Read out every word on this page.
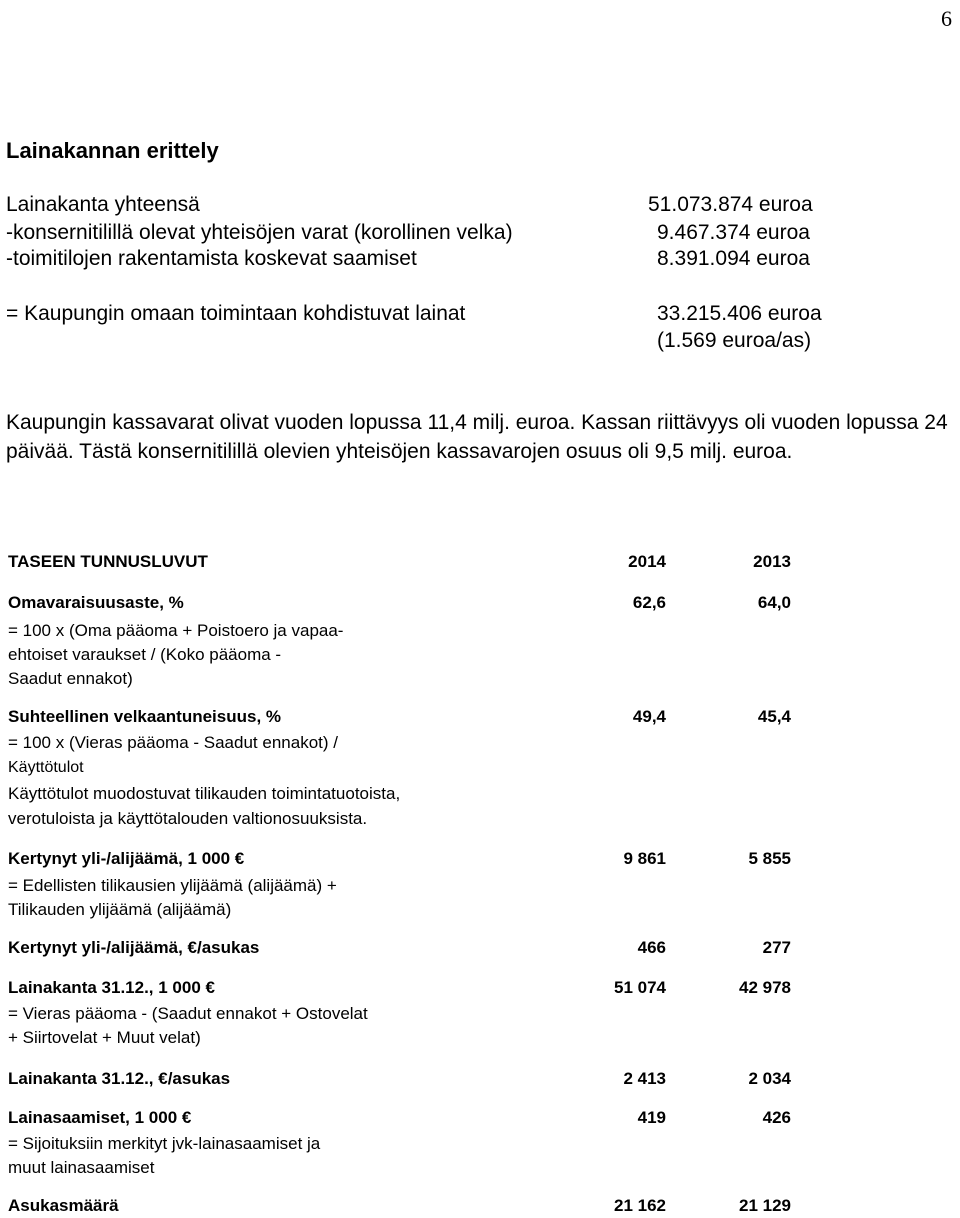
6
Lainakannan erittely
Lainakanta yhteensä	51.073.874 euroa
-konsernitilillä olevat yhteisöjen varat (korollinen velka)	9.467.374 euroa
-toimitilojen rakentamista koskevat saamiset	8.391.094 euroa
= Kaupungin omaan toimintaan kohdistuvat lainat	33.215.406 euroa
(1.569 euroa/as)
Kaupungin kassavarat olivat vuoden lopussa 11,4 milj. euroa. Kassan riittävyys oli vuoden lopussa 24 päivää. Tästä konsernitilillä olevien yhteisöjen kassavarojen osuus oli 9,5 milj. euroa.
TASEEN TUNNUSLUVUT	2014	2013
Omavaraisuusaste, %	62,6	64,0
= 100 x (Oma pääoma + Poistoero ja vapaa-
ehtoiset varaukset / (Koko pääoma -
Saadut ennakot)
Suhteellinen velkaantuneisuus, %	49,4	45,4
= 100 x (Vieras pääoma - Saadut ennakot) /
Käyttötulot
Käyttötulot muodostuvat tilikauden toimintatuotoista,
verotuloista ja käyttötalouden valtionosuuksista.
Kertynyt yli-/alijäämä, 1 000 €	9 861	5 855
= Edellisten tilikausien ylijäämä (alijäämä) +
Tilikauden ylijäämä (alijäämä)
Kertynyt yli-/alijäämä, €/asukas	466	277
Lainakanta 31.12., 1 000 €	51 074	42 978
= Vieras pääoma - (Saadut ennakot + Ostovelat
+ Siirtovelat + Muut velat)
Lainakanta 31.12., €/asukas	2 413	2 034
Lainasaamiset, 1 000 €	419	426
= Sijoituksiin merkityt jvk-lainasaamiset ja
muut lainasaamiset
Asukasmäärä	21 162	21 129
